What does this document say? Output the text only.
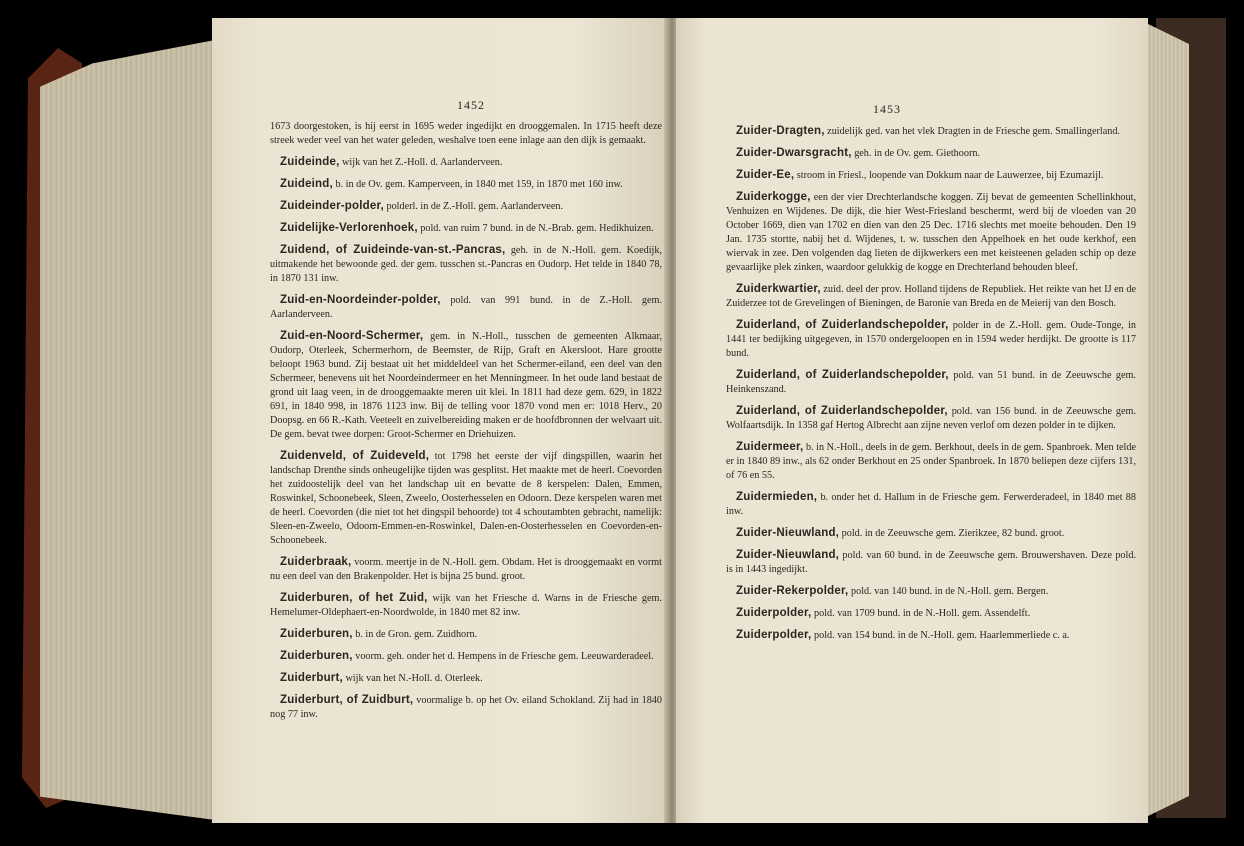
1452

1673 doorgestoken, is hij eerst in 1695 weder ingedijkt en drooggemalen. In 1715 heeft deze streek weder veel van het water geleden, weshalve toen eene inlage aan den dijk is gemaakt.

Zuideinde, wijk van het Z.-Holl. d. Aarlanderveen.

Zuideind, b. in de Ov. gem. Kamperveen, in 1840 met 159, in 1870 met 160 inw.

Zuideinder-polder, polderl. in de Z.-Holl. gem. Aarlanderveen.

Zuidelijke-Verlorenhoek, pold. van ruim 7 bund. in de N.-Brab. gem. Hedikhuizen.

Zuidend, of Zuideinde-van-st.-Pancras, geh. in de N.-Holl. gem. Koedijk, uitmakende het bewoonde ged. der gem. tusschen st.-Pancras en Oudorp. Het telde in 1840 78, in 1870 131 inw.

Zuid-en-Noordeinder-polder, pold. van 991 bund. in de Z.-Holl. gem. Aarlanderveen.

Zuid-en-Noord-Schermer, gem. in N.-Holl., tusschen de gemeenten Alkmaar, Oudorp, Oterleek, Schermerhorn, de Beemster, de Rijp, Graft en Akersloot. Hare grootte beloopt 1963 bund. Zij bestaat uit het middeldeel van het Schermer-eiland, een deel van den Schermeer, benevens uit het Noordeindermeer en het Menningmeer. In het oude land bestaat de grond uit laag veen, in de drooggemaakte meren uit klei. In 1811 had deze gem. 629, in 1822 691, in 1840 998, in 1876 1123 inw. Bij de telling voor 1870 vond men er: 1018 Herv., 20 Doopsg. en 66 R.-Kath. Veeteelt en zuivelbereiding maken er de hoofdbronnen der welvaart uit. De gem. bevat twee dorpen: Groot-Schermer en Driehuizen.

Zuidenveld, of Zuideveld, tot 1798 het eerste der vijf dingspillen, waarin het landschap Drenthe sinds onheugelijke tijden was gesplitst. Het maakte met de heerl. Coevorden het zuidoostelijk deel van het landschap uit en bevatte de 8 kerspelen: Dalen, Emmen, Roswinkel, Schoonebeek, Sleen, Zweelo, Oosterhesselen en Odoorn. Deze kerspelen waren met de heerl. Coevorden (die niet tot het dingspil behoorde) tot 4 schoutambten gebracht, namelijk: Sleen-en-Zweelo, Odoorn-Emmen-en-Roswinkel, Dalen-en-Oosterhesselen en Coevorden-en-Schoonebeek.

Zuiderbraak, voorm. meertje in de N.-Holl. gem. Obdam. Het is drooggemaakt en vormt nu een deel van den Brakenpolder. Het is bijna 25 bund. groot.

Zuiderburen, of het Zuid, wijk van het Friesche d. Warns in de Friesche gem. Hemelumer-Oldephaert-en-Noordwolde, in 1840 met 82 inw.

Zuiderburen, b. in de Gron. gem. Zuidhorn.

Zuiderburen, voorm. geh. onder het d. Hempens in de Friesche gem. Leeuwarderadeel.

Zuiderburt, wijk van het N.-Holl. d. Oterleek.

Zuiderburt, of Zuidburt, voormalige b. op het Ov. eiland Schokland. Zij had in 1840 nog 77 inw.

1453

Zuider-Dragten, zuidelijk ged. van het vlek Dragten in de Friesche gem. Smallingerland.

Zuider-Dwarsgracht, geh. in de Ov. gem. Giethoorn.

Zuider-Ee, stroom in Friesl., loopende van Dokkum naar de Lauwerzee, bij Ezumazijl.

Zuiderkogge, een der vier Drechterlandsche koggen. Zij bevat de gemeenten Schellinkhout, Venhuizen en Wijdenes. De dijk, die hier West-Friesland beschermt, werd bij de vloeden van 20 October 1669, dien van 1702 en dien van den 25 Dec. 1716 slechts met moeite behouden. Den 19 Jan. 1735 stortte, nabij het d. Wijdenes, t. w. tusschen den Appelhoek en het oude kerkhof, een wiervak in zee. Den volgenden dag lieten de dijkwerkers een met keisteenen geladen schip op deze gevaarlijke plek zinken, waardoor gelukkig de kogge en Drechterland behouden bleef.

Zuiderkwartier, zuid. deel der prov. Holland tijdens de Republiek. Het reikte van het IJ en de Zuiderzee tot de Grevelingen of Bieningen, de Baronie van Breda en de Meierij van den Bosch.

Zuiderland, of Zuiderlandschepolder, polder in de Z.-Holl. gem. Oude-Tonge, in 1441 ter bedijking uitgegeven, in 1570 ondergeloopen en in 1594 weder herdijkt. De grootte is 117 bund.

Zuiderland, of Zuiderlandschepolder, pold. van 51 bund. in de Zeeuwsche gem. Heinkenszand.

Zuiderland, of Zuiderlandschepolder, pold. van 156 bund. in de Zeeuwsche gem. Wolfaartsdijk. In 1358 gaf Hertog Albrecht aan zijne neven verlof om dezen polder in te dijken.

Zuidermeer, b. in N.-Holl., deels in de gem. Berkhout, deels in de gem. Spanbroek. Men telde er in 1840 89 inw., als 62 onder Berkhout en 25 onder Spanbroek. In 1870 beliepen deze cijfers 131, of 76 en 55.

Zuidermieden, b. onder het d. Hallum in de Friesche gem. Ferwerderadeel, in 1840 met 88 inw.

Zuider-Nieuwland, pold. in de Zeeuwsche gem. Zierikzee, 82 bund. groot.

Zuider-Nieuwland, pold. van 60 bund. in de Zeeuwsche gem. Brouwershaven. Deze pold. is in 1443 ingedijkt.

Zuider-Rekerpolder, pold. van 140 bund. in de N.-Holl. gem. Bergen.

Zuiderpolder, pold. van 1709 bund. in de N.-Holl. gem. Assendelft.

Zuiderpolder, pold. van 154 bund. in de N.-Holl. gem. Haarlemmerliede c. a.
